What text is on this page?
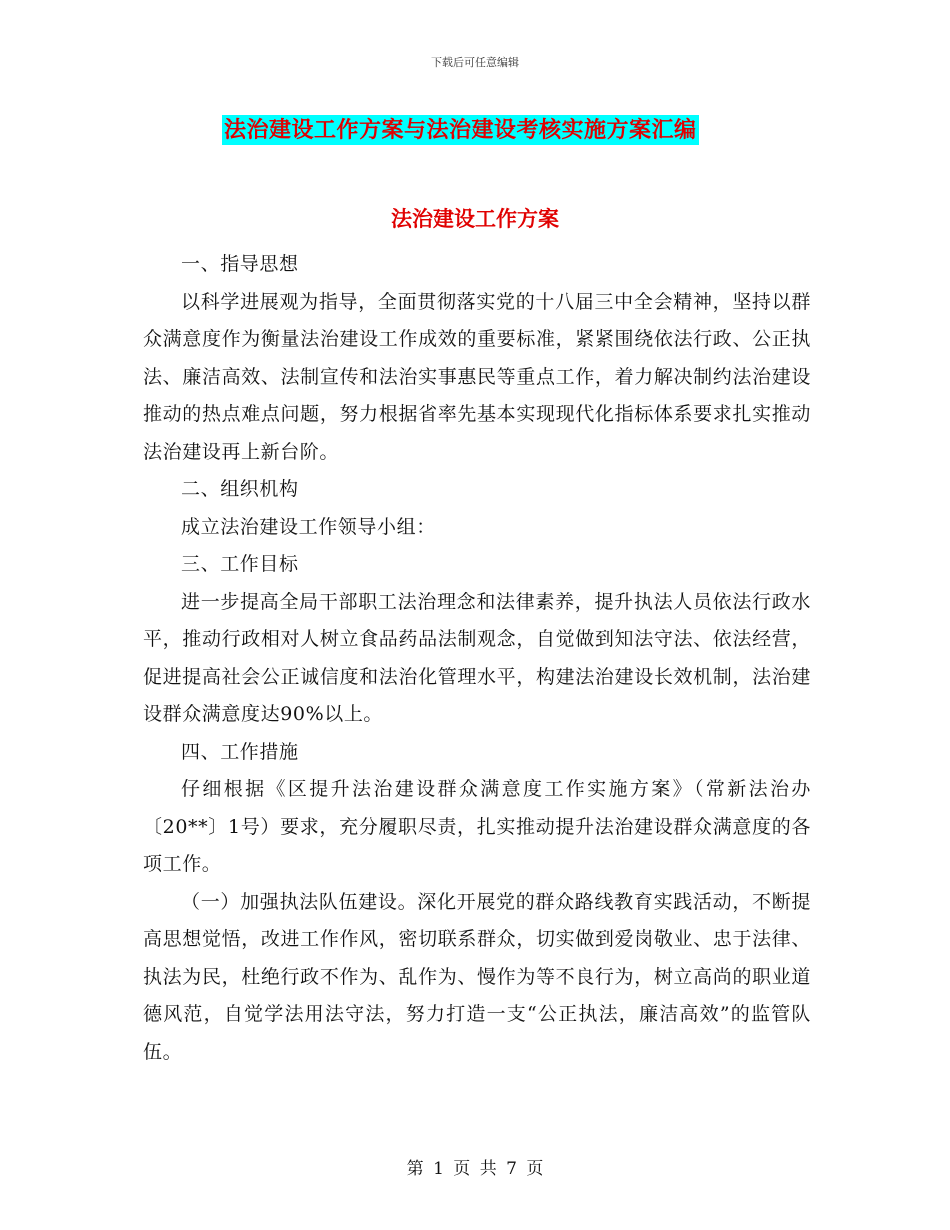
下载后可任意编辑
法治建设工作方案与法治建设考核实施方案汇编
法治建设工作方案

一、指导思想

以科学进展观为指导，全面贯彻落实党的十八届三中全会精神，坚持以群众满意度作为衡量法治建设工作成效的重要标准，紧紧围绕依法行政、公正执法、廉洁高效、法制宣传和法治实事惠民等重点工作，着力解决制约法治建设推动的热点难点问题，努力根据省率先基本实现现代化指标体系要求扎实推动法治建设再上新台阶。

二、组织机构

成立法治建设工作领导小组：

三、工作目标

进一步提高全局干部职工法治理念和法律素养，提升执法人员依法行政水平，推动行政相对人树立食品药品法制观念，自觉做到知法守法、依法经营，促进提高社会公正诚信度和法治化管理水平，构建法治建设长效机制，法治建设群众满意度达90%以上。

四、工作措施

仔细根据《区提升法治建设群众满意度工作实施方案》（常新法治办〔20**〕1号）要求，充分履职尽责，扎实推动提升法治建设群众满意度的各项工作。

（一）加强执法队伍建设。深化开展党的群众路线教育实践活动，不断提高思想觉悟，改进工作作风，密切联系群众，切实做到爱岗敬业、忠于法律、执法为民，杜绝行政不作为、乱作为、慢作为等不良行为，树立高尚的职业道德风范，自觉学法用法守法，努力打造一支“公正执法，廉洁高效”的监管队伍。

第 1 页 共 7 页
